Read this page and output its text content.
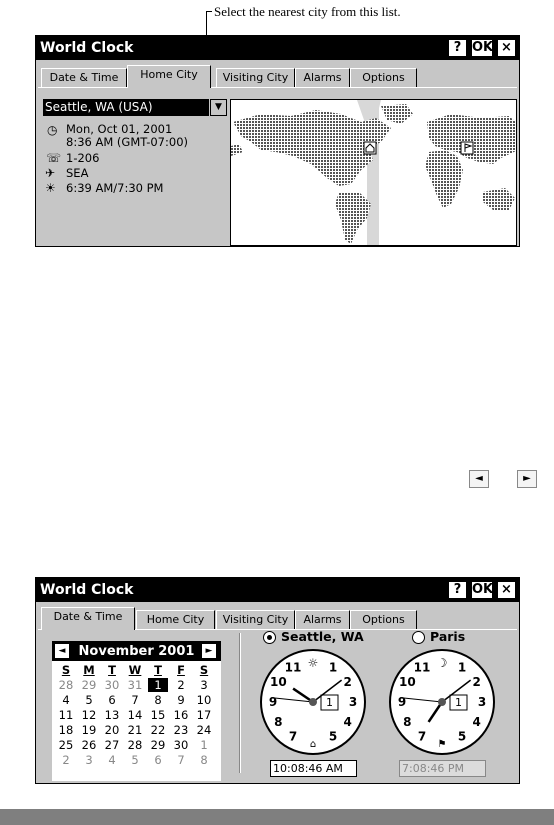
Select the nearest city from this list.
World Clock	? OK ×
Date & Time	Home City	Visiting City	Alarms	Options
Seattle, WA (USA)	▼
◷ Mon, Oct 01, 2001
8:36 AM (GMT-07:00)
☏ 1-206
✈ SEA
☀ 6:39 AM/7:30 PM
◄	►
World Clock	? OK ×
Date & Time	Home City	Visiting City	Alarms	Options
◄	November 2001	►
S	M	T	W	T	F	S
28 29 30 31	1	2	3
4	5	6	7	8	9	10
11 12 13 14 15 16 17
18 19 20 21 22 23 24
25 26 27 28 29 30	1
2	3	4	5	6	7	8
Seattle, WA	Paris
1
2
3
4
5
7
8
9
10
11 ☼
⌂
1
1
2
3
4
5
7
8
9
10
11 ☽
⚑
1
10:08:46 AM	7:08:46 PM
